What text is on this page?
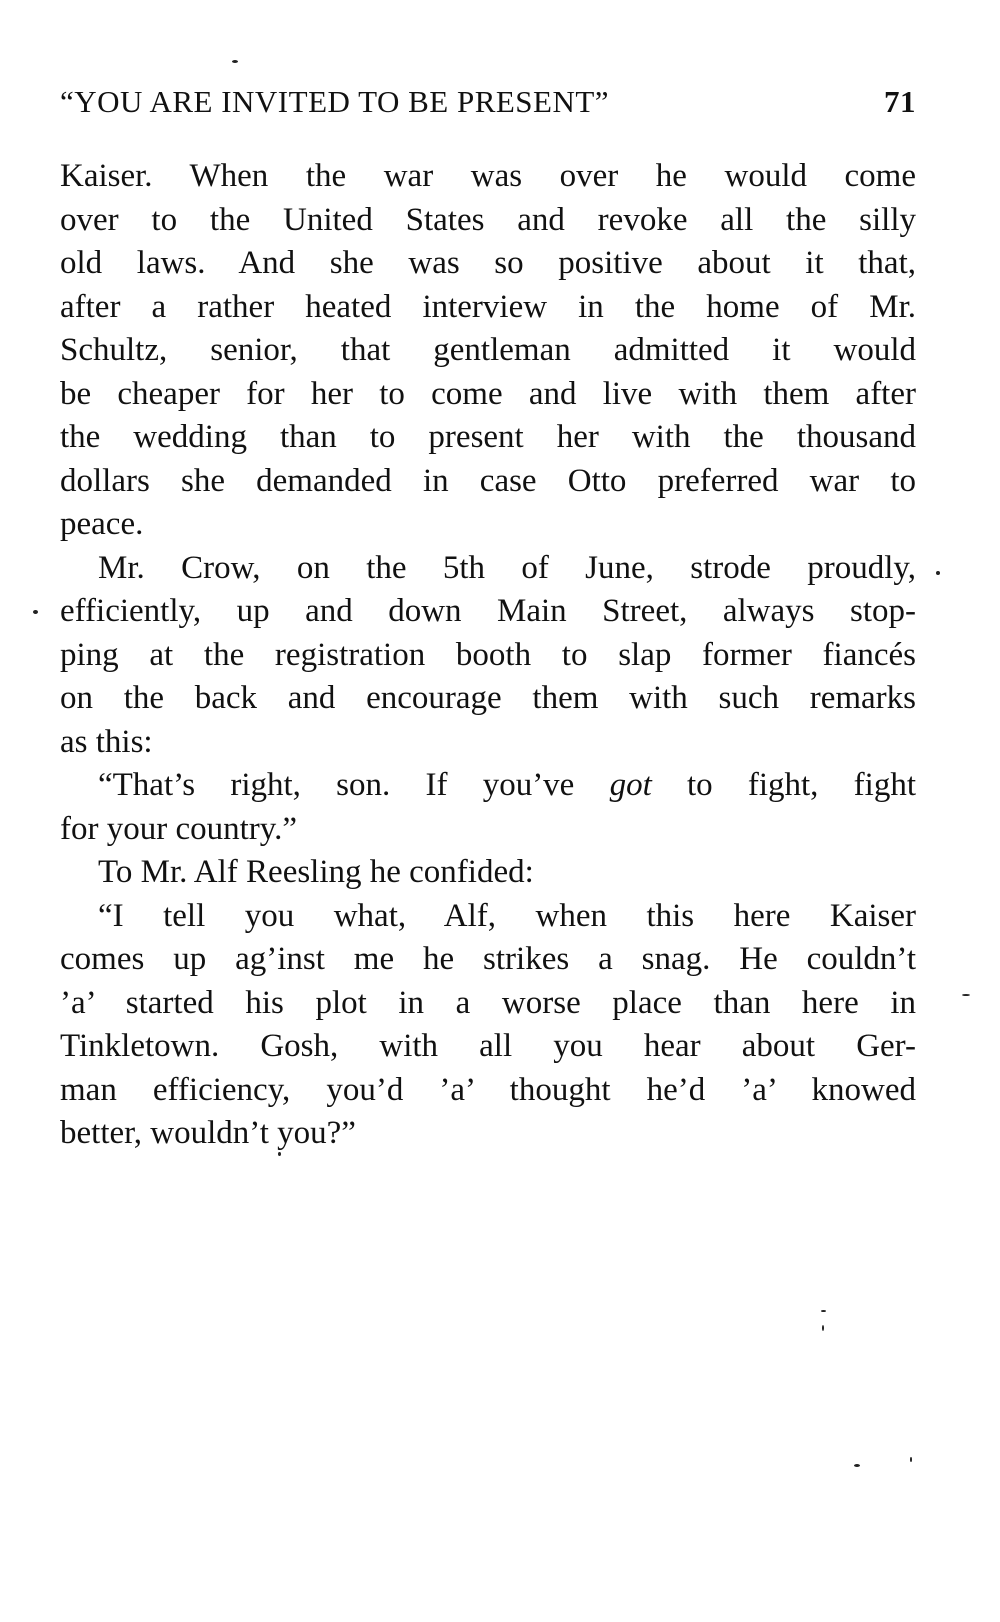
“YOU ARE INVITED TO BE PRESENT”	71
Kaiser. When the war was over he would come
over to the United States and revoke all the silly
old laws. And she was so positive about it that,
after a rather heated interview in the home of Mr.
Schultz, senior, that gentleman admitted it would
be cheaper for her to come and live with them after
the wedding than to present her with the thousand
dollars she demanded in case Otto preferred war to
peace.
Mr. Crow, on the 5th of June, strode proudly,
efficiently, up and down Main Street, always stop-
ping at the registration booth to slap former fiancés
on the back and encourage them with such remarks
as this:
“That’s right, son. If you’ve got to fight, fight
for your country.”
To Mr. Alf Reesling he confided:
“I tell you what, Alf, when this here Kaiser
comes up ag’inst me he strikes a snag. He couldn’t
’a’ started his plot in a worse place than here in
Tinkletown. Gosh, with all you hear about Ger-
man efficiency, you’d ’a’ thought he’d ’a’ knowed
better, wouldn’t you?”
